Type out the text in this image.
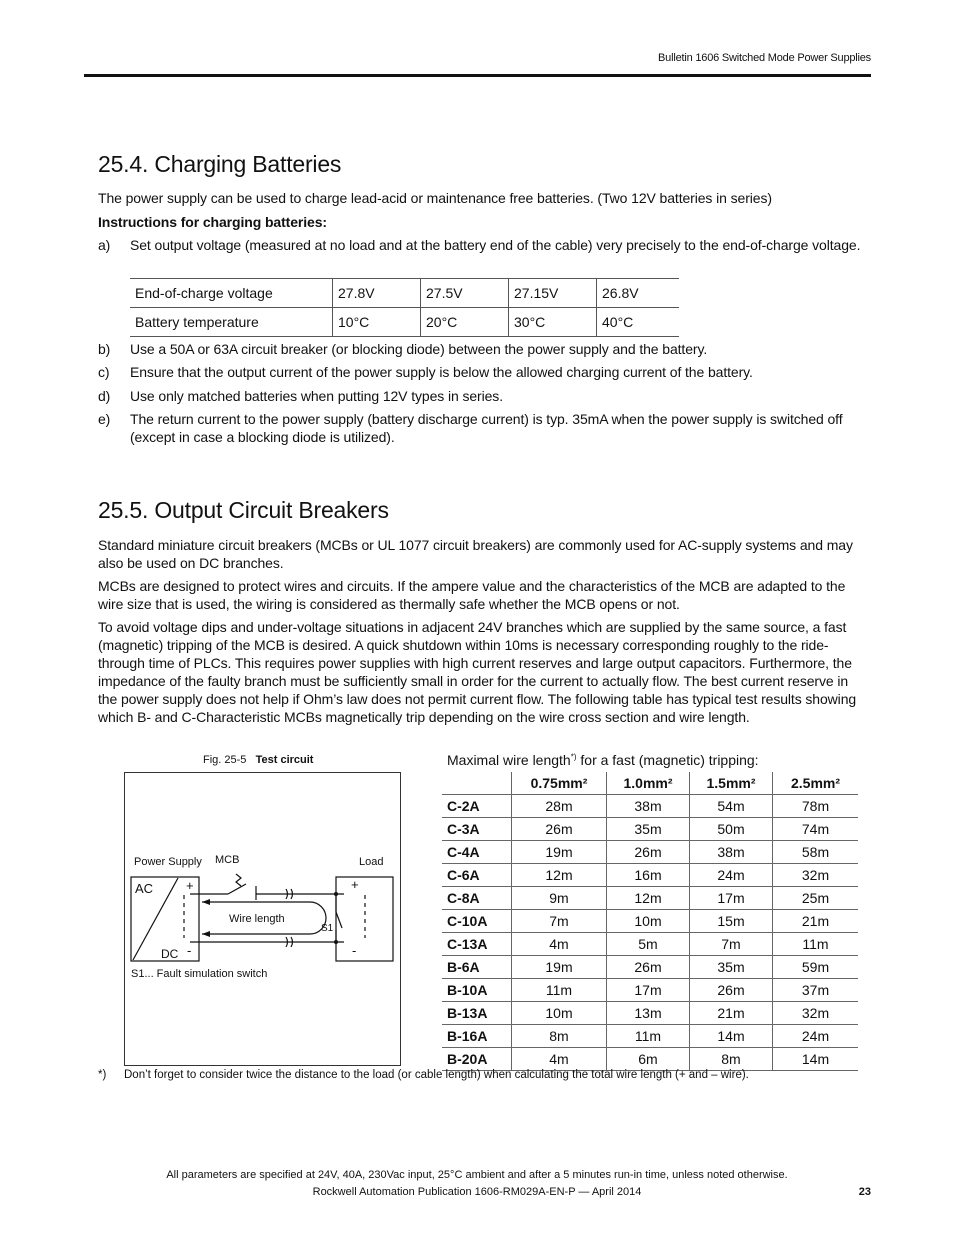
Bulletin 1606 Switched Mode Power Supplies
25.4. Charging Batteries
The power supply can be used to charge lead-acid or maintenance free batteries. (Two 12V batteries in series)
Instructions for charging batteries:
a) Set output voltage (measured at no load and at the battery end of the cable) very precisely to the end-of-charge voltage.
End-of-charge voltage	27.8V	27.5V	27.15V	26.8V
Battery temperature	10°C	20°C	30°C	40°C
b) Use a 50A or 63A circuit breaker (or blocking diode) between the power supply and the battery.
c) Ensure that the output current of the power supply is below the allowed charging current of the battery.
d) Use only matched batteries when putting 12V types in series.
e) The return current to the power supply (battery discharge current) is typ. 35mA when the power supply is switched off (except in case a blocking diode is utilized).
25.5. Output Circuit Breakers
Standard miniature circuit breakers (MCBs or UL 1077 circuit breakers) are commonly used for AC-supply systems and may also be used on DC branches.
MCBs are designed to protect wires and circuits. If the ampere value and the characteristics of the MCB are adapted to the wire size that is used, the wiring is considered as thermally safe whether the MCB opens or not.
To avoid voltage dips and under-voltage situations in adjacent 24V branches which are supplied by the same source, a fast (magnetic) tripping of the MCB is desired. A quick shutdown within 10ms is necessary corresponding roughly to the ride-through time of PLCs. This requires power supplies with high current reserves and large output capacitors. Furthermore, the impedance of the faulty branch must be sufficiently small in order for the current to actually flow. The best current reserve in the power supply does not help if Ohm’s law does not permit current flow. The following table has typical test results showing which B- and C-Characteristic MCBs magnetically trip depending on the wire cross section and wire length.
Fig. 25-5 Test circuit
Power Supply MCB	Load
AC
DC
+
-
+
-
Wire length
S1
S1... Fault simulation switch
Maximal wire length*) for a fast (magnetic) tripping:
	0.75mm²	1.0mm²	1.5mm²	2.5mm²
C-2A	28m	38m	54m	78m
C-3A	26m	35m	50m	74m
C-4A	19m	26m	38m	58m
C-6A	12m	16m	24m	32m
C-8A	9m	12m	17m	25m
C-10A	7m	10m	15m	21m
C-13A	4m	5m	7m	11m
B-6A	19m	26m	35m	59m
B-10A	11m	17m	26m	37m
B-13A	10m	13m	21m	32m
B-16A	8m	11m	14m	24m
B-20A	4m	6m	8m	14m
*) Don’t forget to consider twice the distance to the load (or cable length) when calculating the total wire length (+ and – wire).
All parameters are specified at 24V, 40A, 230Vac input, 25°C ambient and after a 5 minutes run-in time, unless noted otherwise.
Rockwell Automation Publication 1606-RM029A-EN-P — April 2014	23
